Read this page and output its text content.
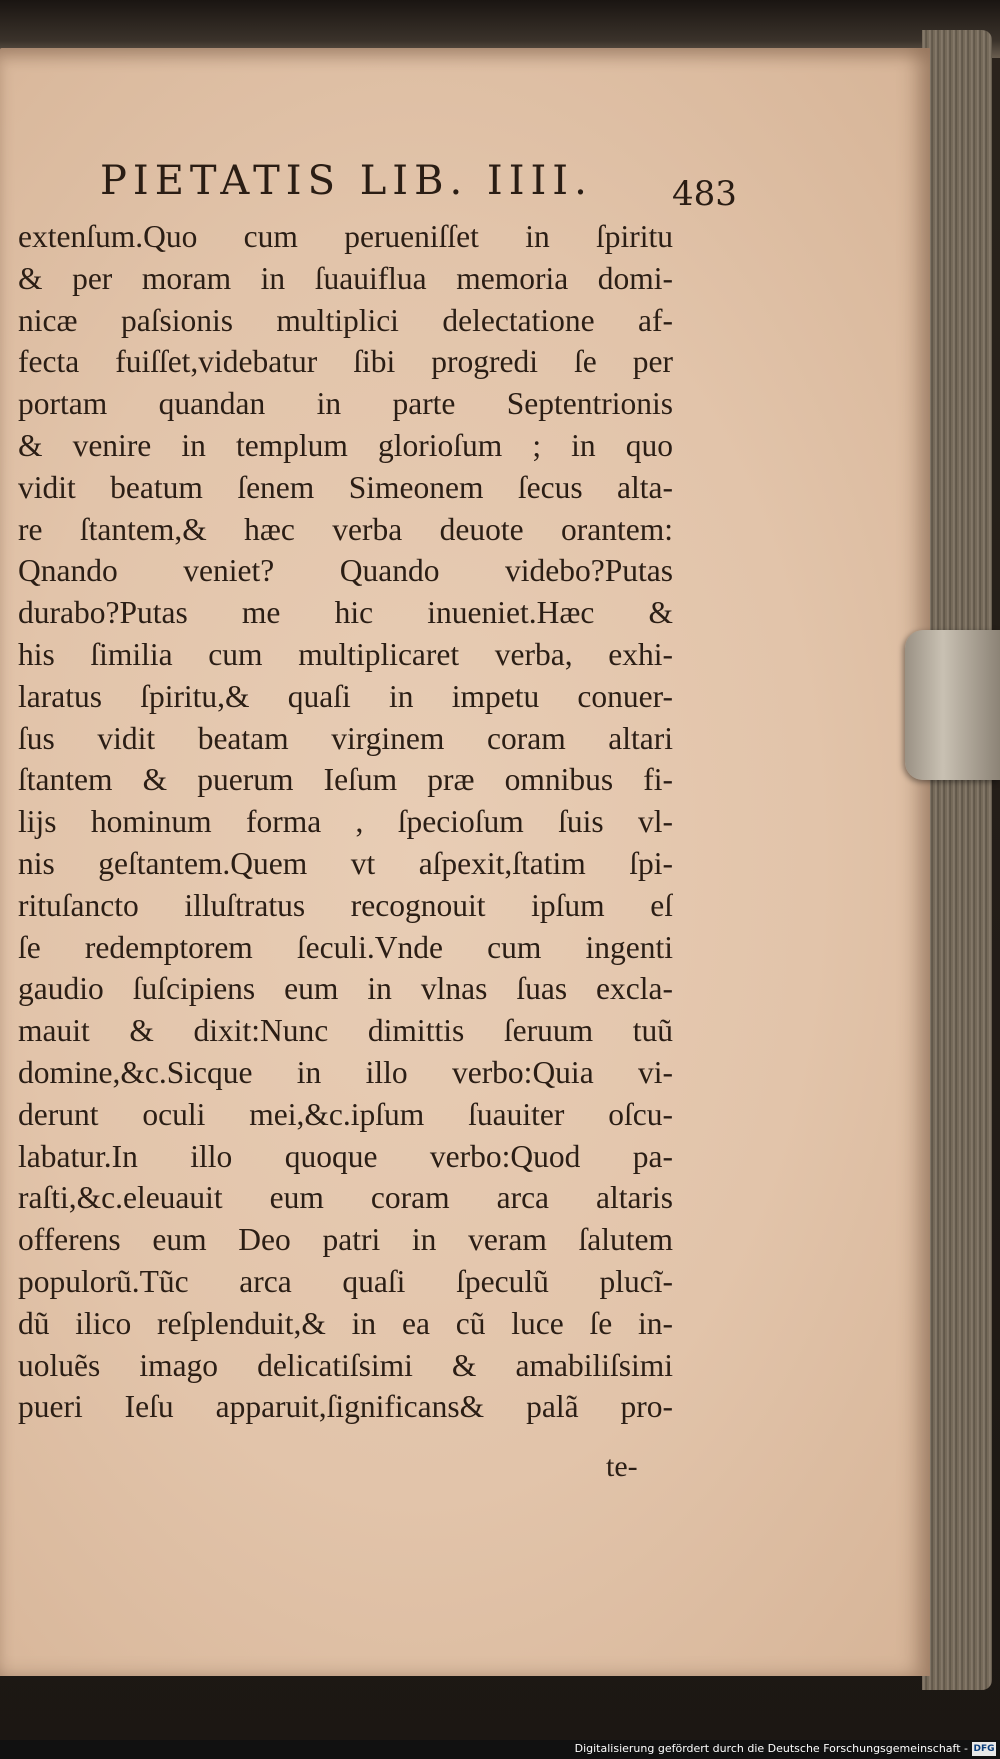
PIETATIS LIB. IIII.	483
extenſum.Quo cum perueniſſet in ſpiritu
& per moram in ſuauiflua memoria domi-
nicæ paſsionis multiplici delectatione af-
fecta fuiſſet,videbatur ſibi progredi ſe per
portam quandan in parte Septentrionis
& venire in templum glorioſum ; in quo
vidit beatum ſenem Simeonem ſecus alta-
re ſtantem,& hæc verba deuote orantem:
Qnando veniet? Quando videbo?Putas
durabo?Putas me hic inueniet.Hæc &
his ſimilia cum multiplicaret verba, exhi-
laratus ſpiritu,& quaſi in impetu conuer-
ſus vidit beatam virginem coram altari
ſtantem & puerum Ieſum præ omnibus fi-
lijs hominum forma , ſpecioſum ſuis vl-
nis geſtantem.Quem vt aſpexit,ſtatim ſpi-
rituſancto illuſtratus recognouit ipſum eſ
ſe redemptorem ſeculi.Vnde cum ingenti
gaudio ſuſcipiens eum in vlnas ſuas excla-
mauit & dixit:Nunc dimittis ſeruum tuũ
domine,&c.Sicque in illo verbo:Quia vi-
derunt oculi mei,&c.ipſum ſuauiter oſcu-
labatur.In illo quoque verbo:Quod pa-
raſti,&c.eleuauit eum coram arca altaris
offerens eum Deo patri in veram ſalutem
populorũ.Tũc arca quaſi ſpeculũ plucĩ-
dũ ilico reſplenduit,& in ea cũ luce ſe in-
uoluẽs imago delicatiſsimi & amabiliſsimi
pueri Ieſu apparuit,ſignificans& palã pro-
te-
Digitalisierung gefördert durch die Deutsche Forschungsgemeinschaft - DFG
